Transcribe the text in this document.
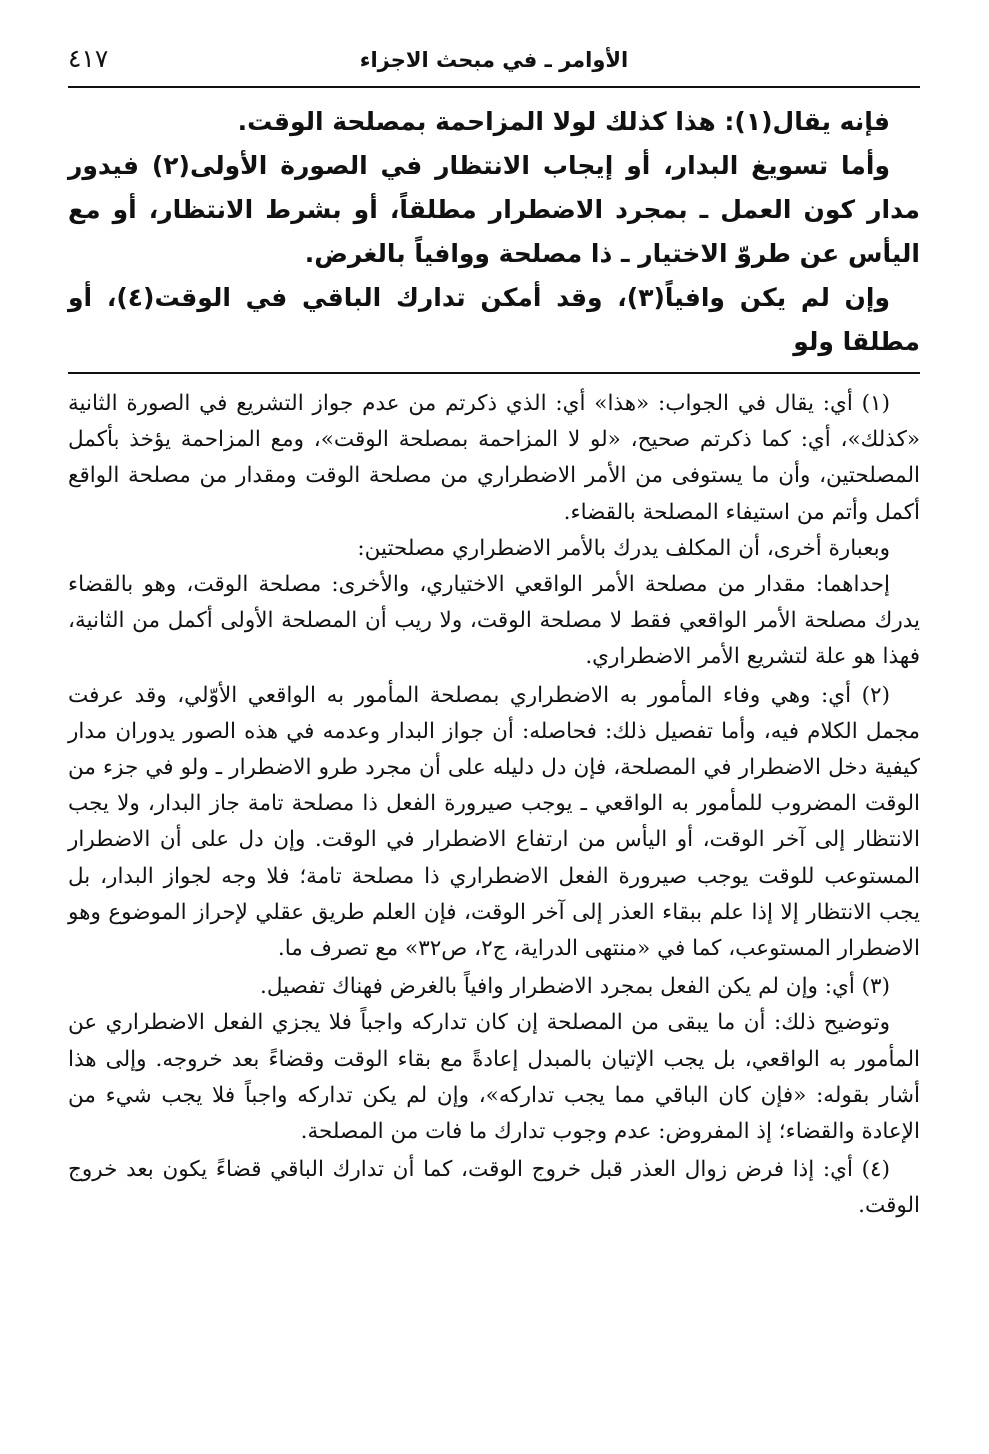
الأوامر ـ في مبحث الاجزاء
٤١٧

فإنه يقال(١): هذا كذلك لولا المزاحمة بمصلحة الوقت.

وأما تسويغ البدار، أو إيجاب الانتظار في الصورة الأولى(٢) فيدور مدار كون العمل ـ بمجرد الاضطرار مطلقاً، أو بشرط الانتظار، أو مع اليأس عن طروّ الاختيار ـ ذا مصلحة ووافياً بالغرض.

وإن لم يكن وافياً(٣)، وقد أمكن تدارك الباقي في الوقت(٤)، أو مطلقا ولو

(١) أي: يقال في الجواب: «هذا» أي: الذي ذكرتم من عدم جواز التشريع في الصورة الثانية «كذلك»، أي: كما ذكرتم صحيح، «لو لا المزاحمة بمصلحة الوقت»، ومع المزاحمة يؤخذ بأكمل المصلحتين، وأن ما يستوفى من الأمر الاضطراري من مصلحة الوقت ومقدار من مصلحة الواقع أكمل وأتم من استيفاء المصلحة بالقضاء.

وبعبارة أخرى، أن المكلف يدرك بالأمر الاضطراري مصلحتين:

إحداهما: مقدار من مصلحة الأمر الواقعي الاختياري، والأخرى: مصلحة الوقت، وهو بالقضاء يدرك مصلحة الأمر الواقعي فقط لا مصلحة الوقت، ولا ريب أن المصلحة الأولى أكمل من الثانية، فهذا هو علة لتشريع الأمر الاضطراري.

(٢) أي: وهي وفاء المأمور به الاضطراري بمصلحة المأمور به الواقعي الأوّلي، وقد عرفت مجمل الكلام فيه، وأما تفصيل ذلك: فحاصله: أن جواز البدار وعدمه في هذه الصور يدوران مدار كيفية دخل الاضطرار في المصلحة، فإن دل دليله على أن مجرد طرو الاضطرار ـ ولو في جزء من الوقت المضروب للمأمور به الواقعي ـ يوجب صيرورة الفعل ذا مصلحة تامة جاز البدار، ولا يجب الانتظار إلى آخر الوقت، أو اليأس من ارتفاع الاضطرار في الوقت. وإن دل على أن الاضطرار المستوعب للوقت يوجب صيرورة الفعل الاضطراري ذا مصلحة تامة؛ فلا وجه لجواز البدار، بل يجب الانتظار إلا إذا علم ببقاء العذر إلى آخر الوقت، فإن العلم طريق عقلي لإحراز الموضوع وهو الاضطرار المستوعب، كما في «منتهى الدراية، ج٢، ص٣٢» مع تصرف ما.

(٣) أي: وإن لم يكن الفعل بمجرد الاضطرار وافياً بالغرض فهناك تفصيل.

وتوضيح ذلك: أن ما يبقى من المصلحة إن كان تداركه واجباً فلا يجزي الفعل الاضطراري عن المأمور به الواقعي، بل يجب الإتيان بالمبدل إعادةً مع بقاء الوقت وقضاءً بعد خروجه. وإلى هذا أشار بقوله: «فإن كان الباقي مما يجب تداركه»، وإن لم يكن تداركه واجباً فلا يجب شيء من الإعادة والقضاء؛ إذ المفروض: عدم وجوب تدارك ما فات من المصلحة.

(٤) أي: إذا فرض زوال العذر قبل خروج الوقت، كما أن تدارك الباقي قضاءً يكون بعد خروج الوقت.
